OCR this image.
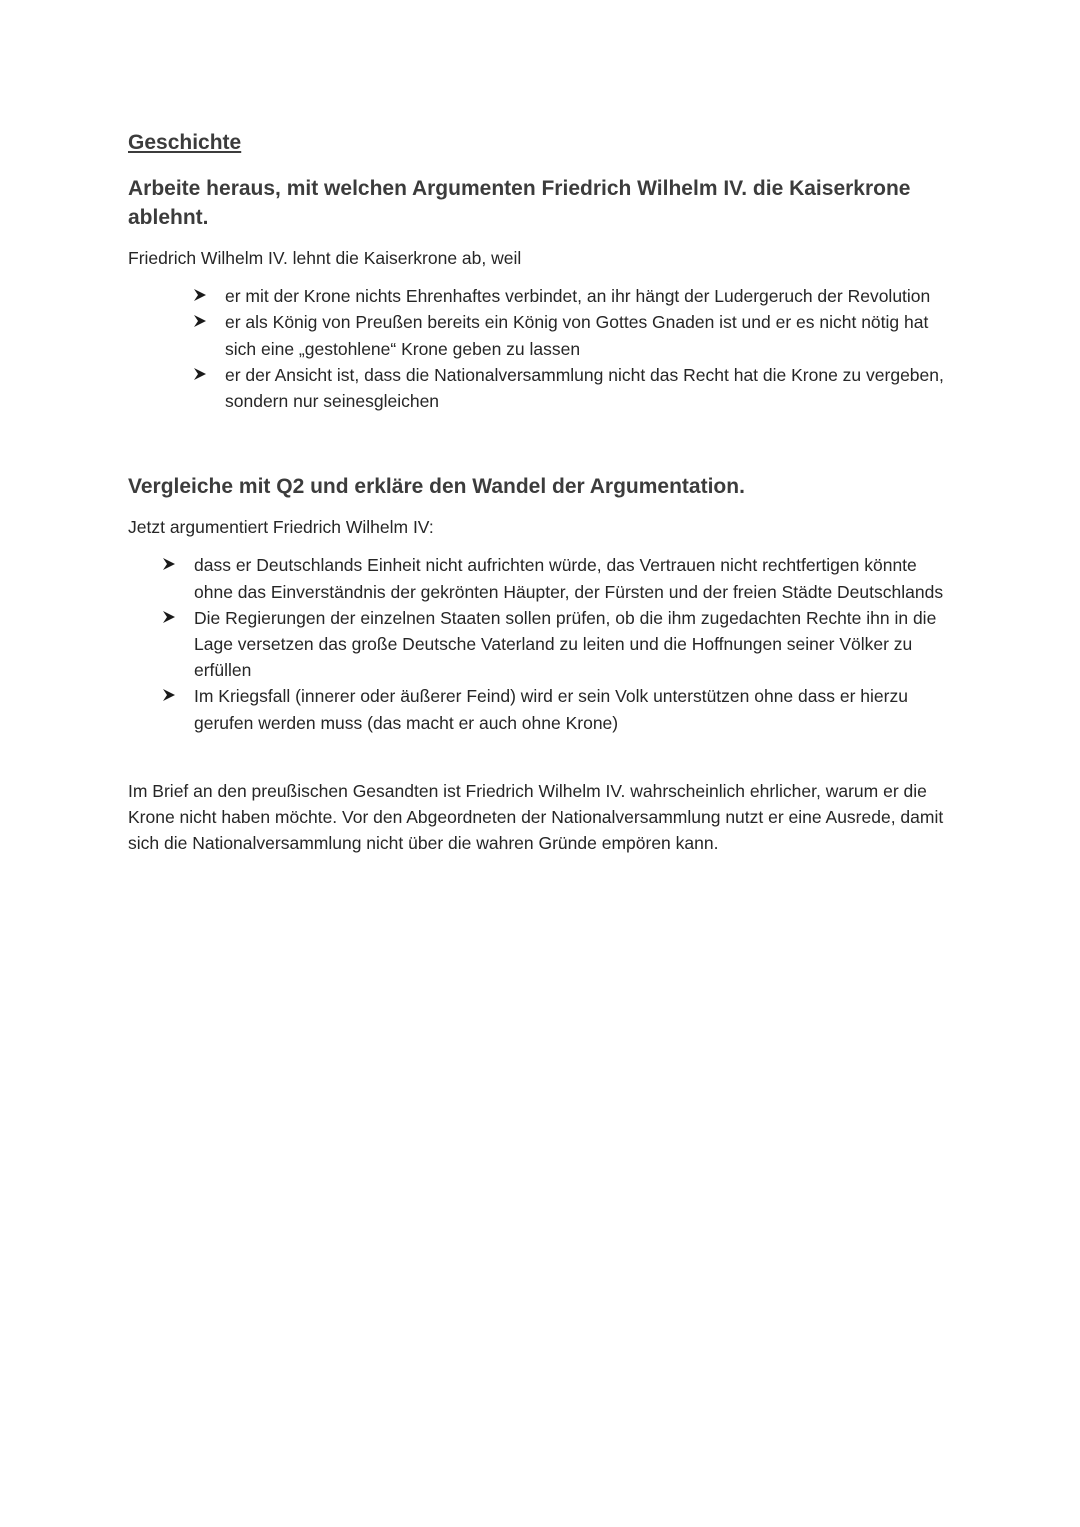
Geschichte
Arbeite heraus, mit welchen Argumenten Friedrich Wilhelm IV. die Kaiserkrone ablehnt.

Friedrich Wilhelm IV. lehnt die Kaiserkrone ab, weil

er mit der Krone nichts Ehrenhaftes verbindet, an ihr hängt der Ludergeruch der Revolution
er als König von Preußen bereits ein König von Gottes Gnaden ist und er es nicht nötig hat sich eine „gestohlene“ Krone geben zu lassen
er der Ansicht ist, dass die Nationalversammlung nicht das Recht hat die Krone zu vergeben, sondern nur seinesgleichen
Vergleiche mit Q2 und erkläre den Wandel der Argumentation.

Jetzt argumentiert Friedrich Wilhelm IV:

dass er Deutschlands Einheit nicht aufrichten würde, das Vertrauen nicht rechtfertigen könnte ohne das Einverständnis der gekrönten Häupter, der Fürsten und der freien Städte Deutschlands
Die Regierungen der einzelnen Staaten sollen prüfen, ob die ihm zugedachten Rechte ihn in die Lage versetzen das große Deutsche Vaterland zu leiten und die Hoffnungen seiner Völker zu erfüllen
Im Kriegsfall (innerer oder äußerer Feind) wird er sein Volk unterstützen ohne dass er hierzu gerufen werden muss (das macht er auch ohne Krone)

Im Brief an den preußischen Gesandten ist Friedrich Wilhelm IV. wahrscheinlich ehrlicher, warum er die Krone nicht haben möchte. Vor den Abgeordneten der Nationalversammlung nutzt er eine Ausrede, damit sich die Nationalversammlung nicht über die wahren Gründe empören kann.
